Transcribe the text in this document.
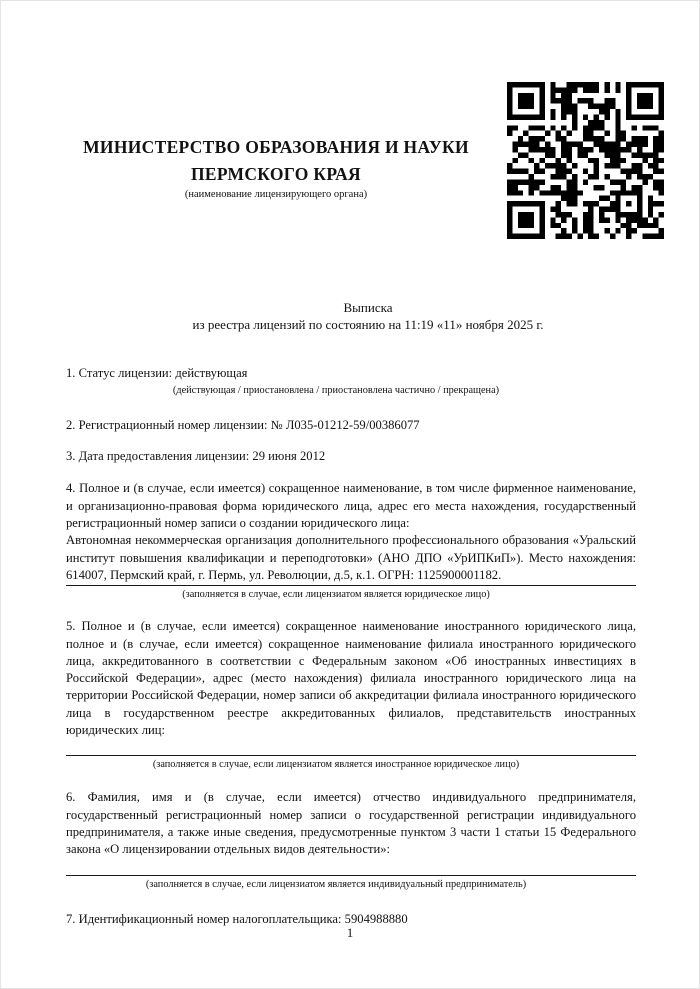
МИНИСТЕРСТВО ОБРАЗОВАНИЯ И НАУКИ
ПЕРМСКОГО КРАЯ
(наименование лицензирующего органа)
Выписка
из реестра лицензий по состоянию на 11:19 «11» ноября 2025 г.
1. Статус лицензии: действующая
(действующая / приостановлена / приостановлена частично / прекращена)

2. Регистрационный номер лицензии: № Л035-01212-59/00386077

3. Дата предоставления лицензии: 29 июня 2012

4. Полное и (в случае, если имеется) сокращенное наименование, в том числе фирменное наименование, и организационно-правовая форма юридического лица, адрес его места нахождения, государственный регистрационный номер записи о создании юридического лица:
Автономная некоммерческая организация дополнительного профессионального образования «Уральский институт повышения квалификации и переподготовки» (АНО ДПО «УрИПКиП»). Место нахождения: 614007, Пермский край, г. Пермь, ул. Революции, д.5, к.1. ОГРН: 1125900001182.
(заполняется в случае, если лицензиатом является юридическое лицо)
5. Полное и (в случае, если имеется) сокращенное наименование иностранного юридического лица, полное и (в случае, если имеется) сокращенное наименование филиала иностранного юридического лица, аккредитованного в соответствии с Федеральным законом «Об иностранных инвестициях в Российской Федерации», адрес (место нахождения) филиала иностранного юридического лица на территории Российской Федерации, номер записи об аккредитации филиала иностранного юридического лица в государственном реестре аккредитованных филиалов, представительств иностранных юридических лиц:
(заполняется в случае, если лицензиатом является иностранное юридическое лицо)
6. Фамилия, имя и (в случае, если имеется) отчество индивидуального предпринимателя, государственный регистрационный номер записи о государственной регистрации индивидуального предпринимателя, а также иные сведения, предусмотренные пунктом 3 части 1 статьи 15 Федерального закона «О лицензировании отдельных видов деятельности»:
(заполняется в случае, если лицензиатом является индивидуальный предприниматель)

7. Идентификационный номер налогоплательщика: 5904988880

1
